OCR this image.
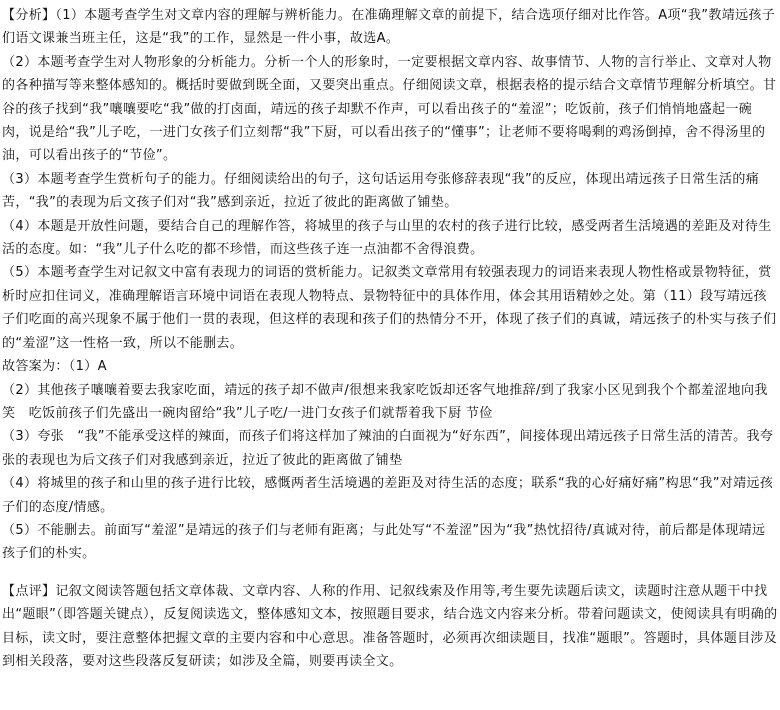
【分析】（1）本题考查学生对文章内容的理解与辨析能力。在准确理解文章的前提下，结合选项仔细对比作答。A项“我”教靖远孩子们语文课兼当班主任，这是“我”的工作，显然是一件小事，故选A。

（2）本题考查学生对人物形象的分析能力。分析一个人的形象时，一定要根据文章内容、故事情节、人物的言行举止、文章对人物的各种描写等来整体感知的。概括时要做到既全面，又要突出重点。仔细阅读文章，根据表格的提示结合文章情节理解分析填空。甘谷的孩子找到“我”嚷嚷要吃“我”做的打卤面，靖远的孩子却默不作声，可以看出孩子的“羞涩”；吃饭前，孩子们悄悄地盛起一碗肉，说是给“我”儿子吃，一进门女孩子们立刻帮“我”下厨，可以看出孩子的“懂事”；让老师不要将喝剩的鸡汤倒掉，舍不得汤里的油，可以看出孩子的“节俭”。

（3）本题考查学生赏析句子的能力。仔细阅读给出的句子，这句话运用夸张修辞表现“我”的反应，体现出靖远孩子日常生活的痛苦，“我”的表现为后文孩子们对“我”感到亲近，拉近了彼此的距离做了铺垫。

（4）本题是开放性问题，要结合自己的理解作答，将城里的孩子与山里的农村的孩子进行比较，感受两者生活境遇的差距及对待生活的态度。如：“我”儿子什么吃的都不珍惜，而这些孩子连一点油都不舍得浪费。

（5）本题考查学生对记叙文中富有表现力的词语的赏析能力。记叙类文章常用有较强表现力的词语来表现人物性格或景物特征，赏析时应扣住词义，准确理解语言环境中词语在表现人物特点、景物特征中的具体作用，体会其用语精妙之处。第（11）段写靖远孩子们吃面的高兴现象不属于他们一贯的表现，但这样的表现和孩子们的热情分不开，体现了孩子们的真诚，靖远孩子的朴实与孩子们的“羞涩”这一性格一致，所以不能删去。

故答案为：（1）A

（2）其他孩子嚷嚷着要去我家吃面，靖远的孩子却不做声/很想来我家吃饭却还客气地推辞/到了我家小区见到我个个都羞涩地向我笑　吃饭前孩子们先盛出一碗肉留给“我”儿子吃/一进门女孩子们就帮着我下厨 节俭

（3）夸张　“我”不能承受这样的辣面，而孩子们将这样加了辣油的白面视为“好东西”，间接体现出靖远孩子日常生活的清苦。我夸张的表现也为后文孩子们对我感到亲近，拉近了彼此的距离做了铺垫

（4）将城里的孩子和山里的孩子进行比较，感慨两者生活境遇的差距及对待生活的态度；联系“我的心好痛好痛”构思“我”对靖远孩子们的态度/情感。

（5）不能删去。前面写“羞涩”是靖远的孩子们与老师有距离；与此处写“不羞涩”因为“我”热忱招待/真诚对待，前后都是体现靖远孩子们的朴实。

【点评】记叙文阅读答题包括文章体裁、文章内容、人称的作用、记叙线索及作用等,考生要先读题后读文，读题时注意从题干中找出“题眼”（即答题关键点），反复阅读选文，整体感知文本，按照题目要求，结合选文内容来分析。带着问题读文，使阅读具有明确的目标，读文时，要注意整体把握文章的主要内容和中心意思。准备答题时，必须再次细读题目，找准“题眼”。答题时，具体题目涉及到相关段落，要对这些段落反复研读；如涉及全篇，则要再读全文。
